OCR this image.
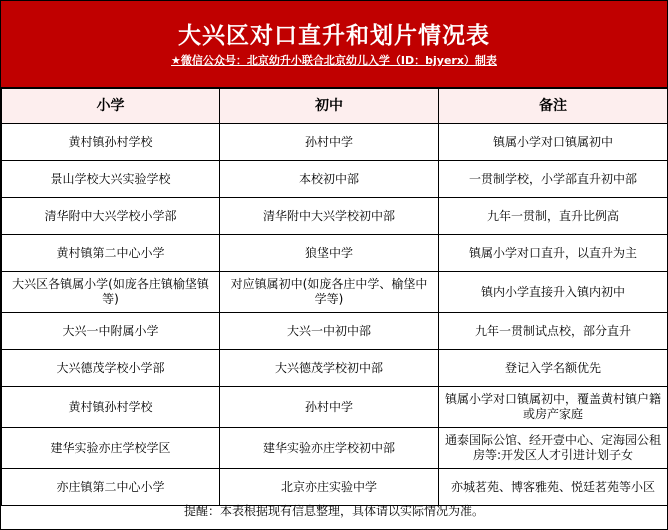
大兴区对口直升和划片情况表
★微信公众号：北京幼升小联合北京幼儿入学（ID：bjyerx）制表
小学	初中	备注
黄村镇孙村学校	孙村中学	镇属小学对口镇属初中
景山学校大兴实验学校	本校初中部	一贯制学校，小学部直升初中部
清华附中大兴学校小学部	清华附中大兴学校初中部	九年一贯制，直升比例高
黄村镇第二中心小学	狼垡中学	镇属小学对口直升，以直升为主
大兴区各镇属小学(如庞各庄镇榆垡镇等)	对应镇属初中(如庞各庄中学、榆垡中学等)	镇内小学直接升入镇内初中
大兴一中附属小学	大兴一中初中部	九年一贯制试点校，部分直升
大兴德茂学校小学部	大兴德茂学校初中部	登记入学名额优先
黄村镇孙村学校	孙村中学	镇属小学对口镇属初中，覆盖黄村镇户籍或房产家庭
建华实验亦庄学校学区	建华实验亦庄学校初中部	通泰国际公馆、经开壹中心、定海园公租房等:开发区人才引进计划子女
亦庄镇第二中心小学	北京亦庄实验中学	亦城茗苑、博客雅苑、悦廷茗苑等小区
提醒：本表根据现有信息整理，具体请以实际情况为准。
